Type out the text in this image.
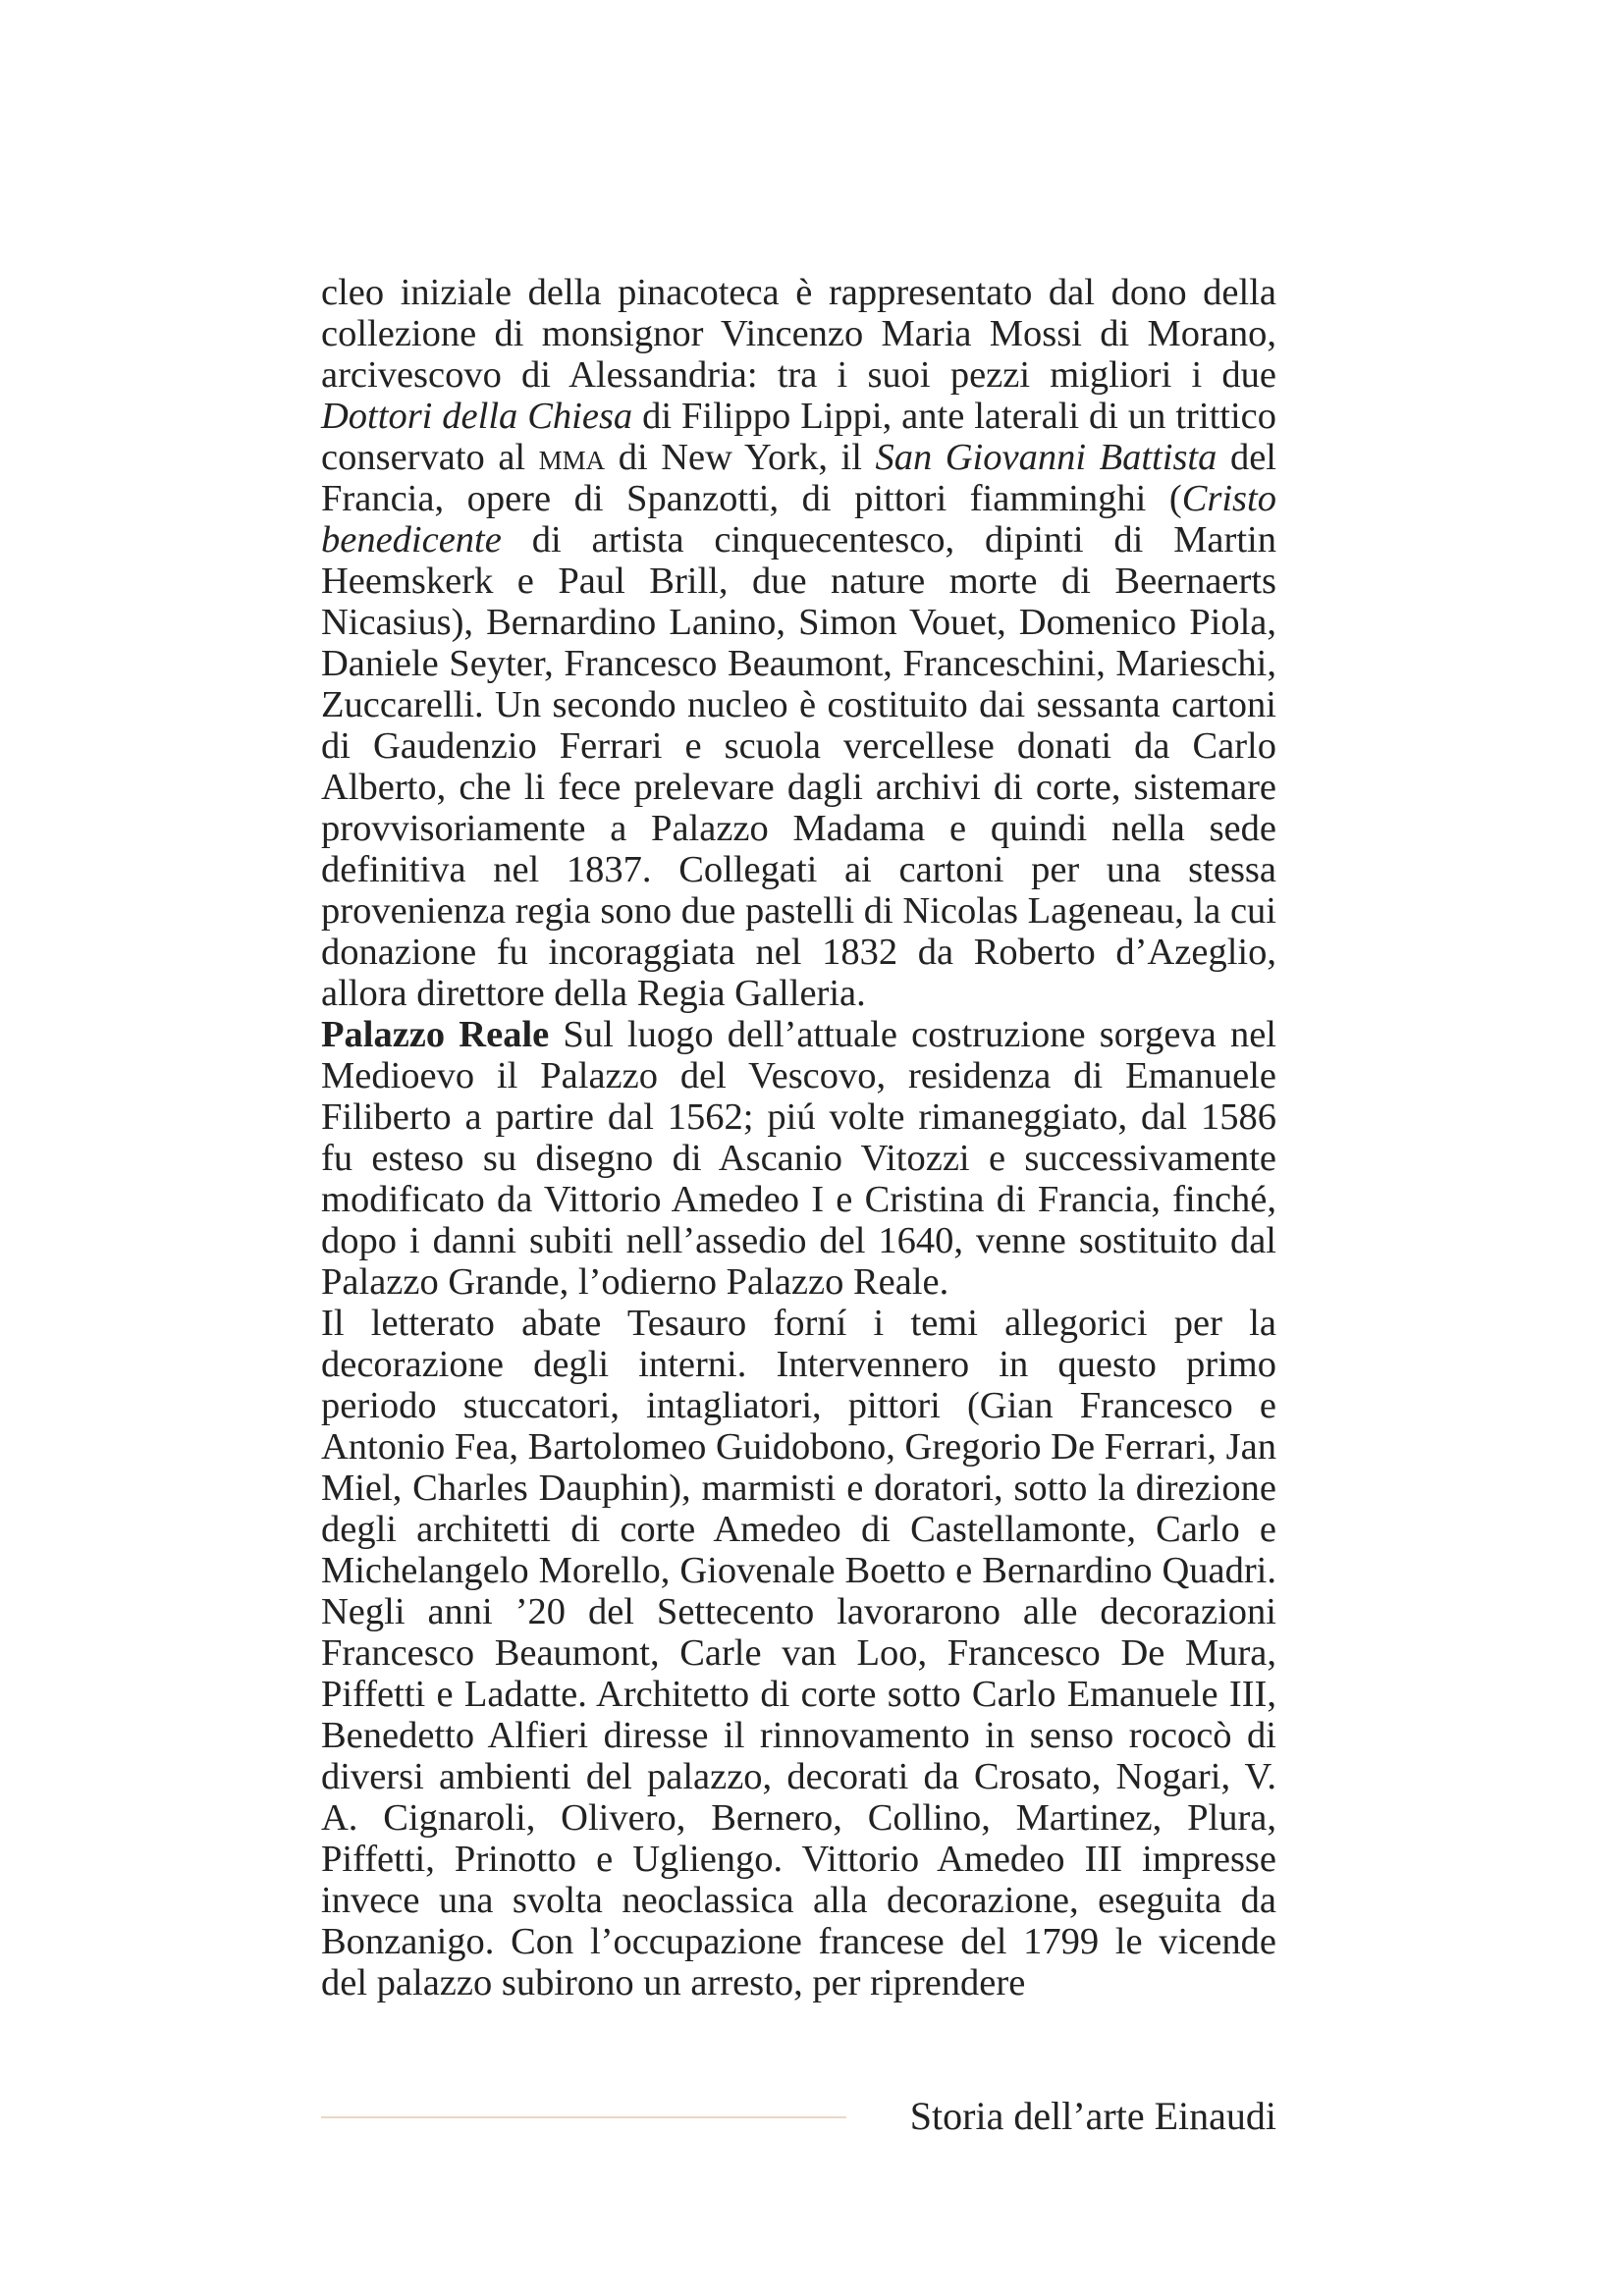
cleo iniziale della pinacoteca è rappresentato dal dono della collezione di monsignor Vincenzo Maria Mossi di Morano, arcivescovo di Alessandria: tra i suoi pezzi migliori i due Dottori della Chiesa di Filippo Lippi, ante laterali di un trittico conservato al mma di New York, il San Giovanni Battista del Francia, opere di Spanzotti, di pittori fiamminghi (Cristo benedicente di artista cinquecentesco, dipinti di Martin Heemskerk e Paul Brill, due nature morte di Beernaerts Nicasius), Bernardino Lanino, Simon Vouet, Domenico Piola, Daniele Seyter, Francesco Beaumont, Franceschini, Marieschi, Zuccarelli. Un secondo nucleo è costituito dai sessanta cartoni di Gaudenzio Ferrari e scuola vercellese donati da Carlo Alberto, che li fece prelevare dagli archivi di corte, sistemare provvisoriamente a Palazzo Madama e quindi nella sede definitiva nel 1837. Collegati ai cartoni per una stessa provenienza regia sono due pastelli di Nicolas Lageneau, la cui donazione fu incoraggiata nel 1832 da Roberto d’Azeglio, allora direttore della Regia Galleria.

Palazzo Reale Sul luogo dell’attuale costruzione sorgeva nel Medioevo il Palazzo del Vescovo, residenza di Emanuele Filiberto a partire dal 1562; piú volte rimaneggiato, dal 1586 fu esteso su disegno di Ascanio Vitozzi e successivamente modificato da Vittorio Amedeo I e Cristina di Francia, finché, dopo i danni subiti nell’assedio del 1640, venne sostituito dal Palazzo Grande, l’odierno Palazzo Reale.

Il letterato abate Tesauro forní i temi allegorici per la decorazione degli interni. Intervennero in questo primo periodo stuccatori, intagliatori, pittori (Gian Francesco e Antonio Fea, Bartolomeo Guidobono, Gregorio De Ferrari, Jan Miel, Charles Dauphin), marmisti e doratori, sotto la direzione degli architetti di corte Amedeo di Castellamonte, Carlo e Michelangelo Morello, Giovenale Boetto e Bernardino Quadri. Negli anni ’20 del Settecento lavorarono alle decorazioni Francesco Beaumont, Carle van Loo, Francesco De Mura, Piffetti e Ladatte. Architetto di corte sotto Carlo Emanuele III, Benedetto Alfieri diresse il rinnovamento in senso rococò di diversi ambienti del palazzo, decorati da Crosato, Nogari, V. A. Cignaroli, Olivero, Bernero, Collino, Martinez, Plura, Piffetti, Prinotto e Ugliengo. Vittorio Amedeo III impresse invece una svolta neoclassica alla decorazione, eseguita da Bonzanigo. Con l’occupazione francese del 1799 le vicende del palazzo subirono un arresto, per riprendere

Storia dell’arte Einaudi
